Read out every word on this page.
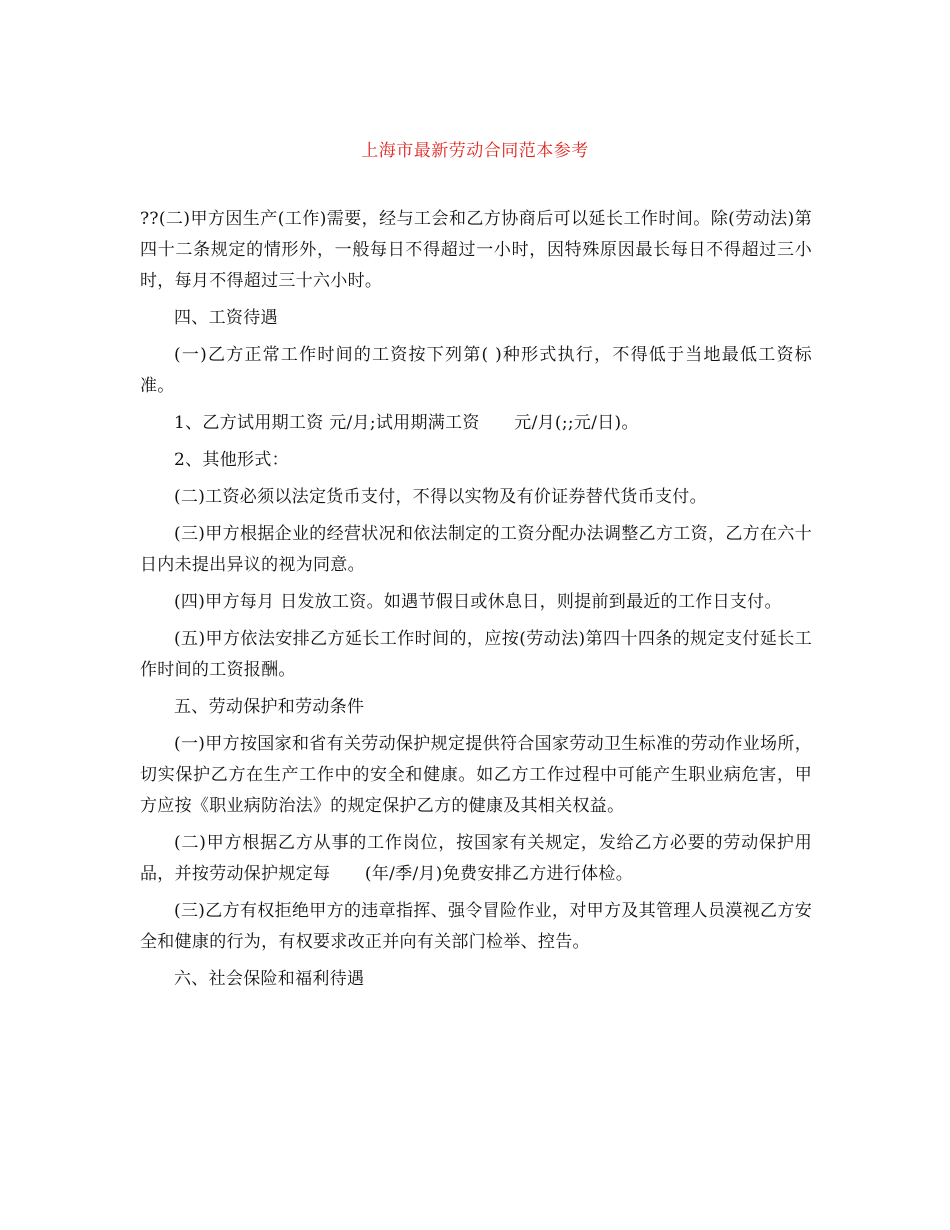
上海市最新劳动合同范本参考

??(二)甲方因生产(工作)需要，经与工会和乙方协商后可以延长工作时间。除(劳动法)第四十二条规定的情形外，一般每日不得超过一小时，因特殊原因最长每日不得超过三小时，每月不得超过三十六小时。

四、工资待遇

(一)乙方正常工作时间的工资按下列第( )种形式执行，不得低于当地最低工资标准。

1、乙方试用期工资 元/月;试用期满工资　　元/月(;;元/日)。

2、其他形式：

(二)工资必须以法定货币支付，不得以实物及有价证券替代货币支付。

(三)甲方根据企业的经营状况和依法制定的工资分配办法调整乙方工资，乙方在六十日内未提出异议的视为同意。

(四)甲方每月 日发放工资。如遇节假日或休息日，则提前到最近的工作日支付。

(五)甲方依法安排乙方延长工作时间的，应按(劳动法)第四十四条的规定支付延长工作时间的工资报酬。

五、劳动保护和劳动条件

(一)甲方按国家和省有关劳动保护规定提供符合国家劳动卫生标准的劳动作业场所，切实保护乙方在生产工作中的安全和健康。如乙方工作过程中可能产生职业病危害，甲方应按《职业病防治法》的规定保护乙方的健康及其相关权益。

(二)甲方根据乙方从事的工作岗位，按国家有关规定，发给乙方必要的劳动保护用品，并按劳动保护规定每　　(年/季/月)免费安排乙方进行体检。

(三)乙方有权拒绝甲方的违章指挥、强令冒险作业，对甲方及其管理人员漠视乙方安全和健康的行为，有权要求改正并向有关部门检举、控告。

六、社会保险和福利待遇
